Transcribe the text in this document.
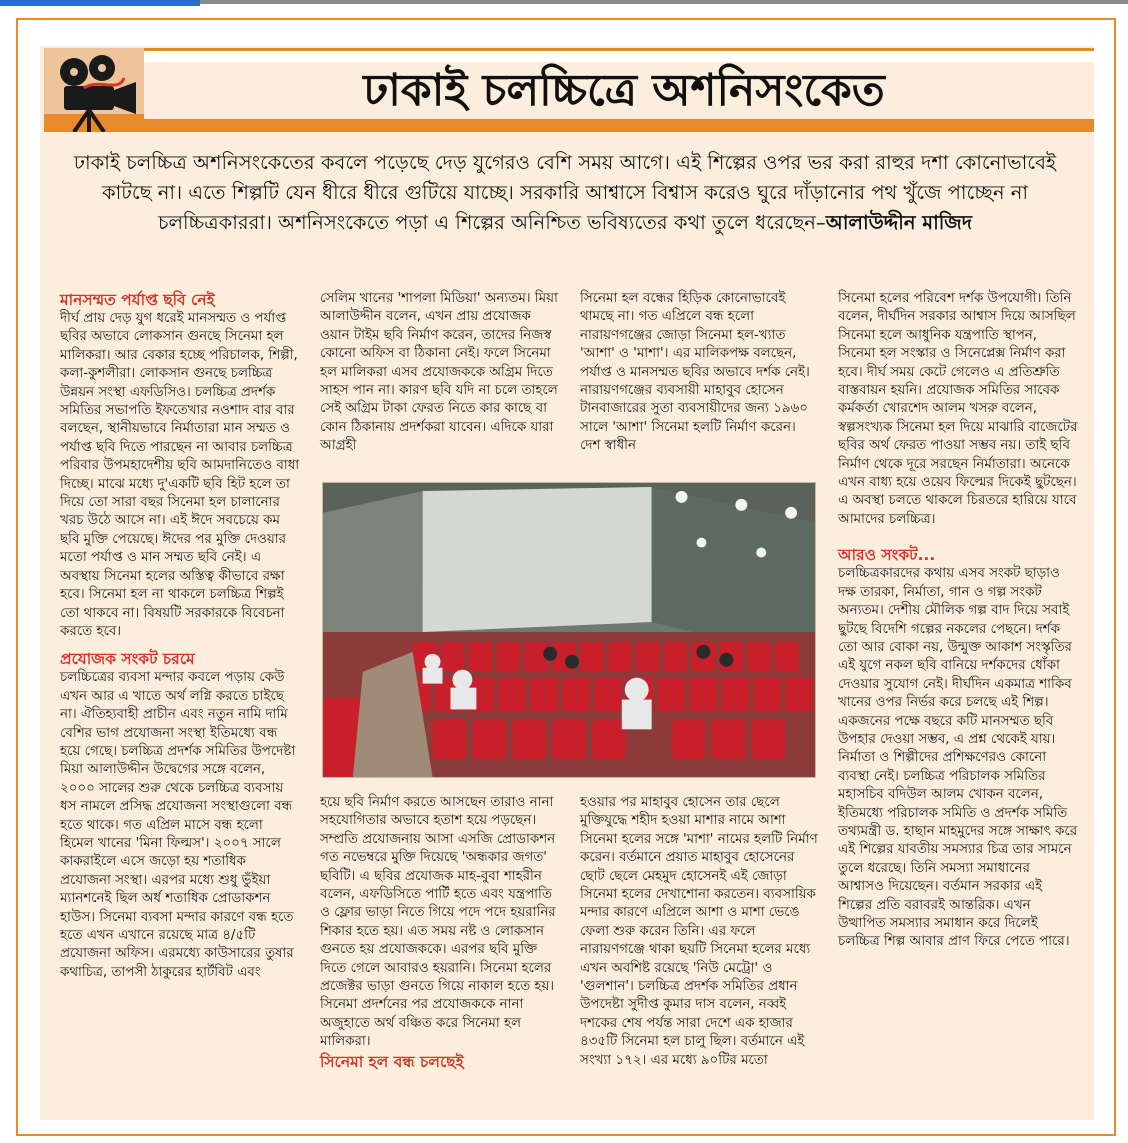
ঢাকাই চলচ্চিত্রে অশনিসংকেত
ঢাকাই চলচ্চিত্র অশনিসংকেতের কবলে পড়েছে দেড় যুগেরও বেশি সময় আগে। এই শিল্পের ওপর ভর করা রাহুর দশা কোনোভাবেই কাটছে না। এতে শিল্পটি যেন ধীরে ধীরে গুটিয়ে যাচ্ছে। সরকারি আশ্বাসে বিশ্বাস করেও ঘুরে দাঁড়ানোর পথ খুঁজে পাচ্ছেন না চলচ্চিত্রকাররা। অশনিসংকেতে পড়া এ শিল্পের অনিশ্চিত ভবিষ্যতের কথা তুলে ধরেছেন–আলাউদ্দীন মাজিদ
মানসম্মত পর্যাপ্ত ছবি নেই

দীর্ঘ প্রায় দেড় যুগ ধরেই মানসম্মত ও পর্যাপ্ত ছবির অভাবে লোকসান গুনছে সিনেমা হল মালিকরা। আর বেকার হচ্ছে পরিচালক, শিল্পী, কলা-কুশলীরা। লোকসান গুনছে চলচ্চিত্র উন্নয়ন সংস্থা এফডিসিও। চলচ্চিত্র প্রদর্শক সমিতির সভাপতি ইফতেখার নওশাদ বার বার বলছেন, স্থানীয়ভাবে নির্মাতারা মান সম্মত ও পর্যাপ্ত ছবি দিতে পারছেন না আবার চলচ্চিত্র পরিবার উপমহাদেশীয় ছবি আমদানিতেও বাধা দিচ্ছে। মাঝে মধ্যে দু'একটি ছবি হিট হলে তা দিয়ে তো সারা বছর সিনেমা হল চালানোর খরচ উঠে আসে না। এই ঈদে সবচেয়ে কম ছবি মুক্তি পেয়েছে। ঈদের পর মুক্তি দেওয়ার মতো পর্যাপ্ত ও মান সম্মত ছবি নেই। এ অবস্থায় সিনেমা হলের অস্তিত্ব কীভাবে রক্ষা হবে। সিনেমা হল না থাকলে চলচ্চিত্র শিল্পই তো থাকবে না। বিষয়টি সরকারকে বিবেচনা করতে হবে।

প্রযোজক সংকট চরমে

চলচ্চিত্রের ব্যবসা মন্দার কবলে পড়ায় কেউ এখন আর এ খাতে অর্থ লগ্নি করতে চাইছে না। ঐতিহ্যবাহী প্রাচীন এবং নতুন নামি দামি বেশির ভাগ প্রযোজনা সংস্থা ইতিমধ্যে বন্ধ হয়ে গেছে। চলচ্চিত্র প্রদর্শক সমিতির উপদেষ্টা মিয়া আলাউদ্দীন উদ্বেগের সঙ্গে বলেন, ২০০০ সালের শুরু থেকে চলচ্চিত্র ব্যবসায় ধস নামলে প্রসিদ্ধ প্রযোজনা সংস্থাগুলো বন্ধ হতে থাকে। গত এপ্রিল মাসে বন্ধ হলো হিমেল খানের 'মিনা ফিল্মস'। ২০০৭ সালে কাকরাইলে এসে জড়ো হয় শতাধিক প্রযোজনা সংস্থা। এরপর মধ্যে শুধু ভুঁইয়া ম্যানশনেই ছিল অর্ধ শতাধিক প্রোডাকশন হাউস। সিনেমা ব্যবসা মন্দার কারণে বন্ধ হতে হতে এখন এখানে রয়েছে মাত্র ৪/৫টি প্রযোজনা অফিস। এরমধ্যে কাউসারের তুষার কথাচিত্র, তাপসী ঠাকুরের হার্টবিট এবং

সেলিম খানের 'শাপলা মিডিয়া' অন্যতম। মিয়া আলাউদ্দীন বলেন, এখন প্রায় প্রযোজক ওয়ান টাইম ছবি নির্মাণ করেন, তাদের নিজস্ব কোনো অফিস বা ঠিকানা নেই। ফলে সিনেমা হল মালিকরা এসব প্রযোজককে অগ্রিম দিতে সাহস পান না। কারণ ছবি যদি না চলে তাহলে সেই অগ্রিম টাকা ফেরত নিতে কার কাছে বা কোন ঠিকানায় প্রদর্শকরা যাবেন। এদিকে যারা আগ্রহী

সিনেমা হল বন্ধের হিড়িক কোনোভাবেই থামছে না। গত এপ্রিলে বন্ধ হলো নারায়ণগঞ্জের জোড়া সিনেমা হল-খ্যাত 'আশা' ও 'মাশা'। এর মালিকপক্ষ বলছেন, পর্যাপ্ত ও মানসম্মত ছবির অভাবে দর্শক নেই। নারায়ণগঞ্জের ব্যবসায়ী মাহাবুব হোসেন টানবাজারের সুতা ব্যবসায়ীদের জন্য ১৯৬০ সালে 'আশা' সিনেমা হলটি নির্মাণ করেন। দেশ স্বাধীন

সিনেমা হলের পরিবেশ দর্শক উপযোগী। তিনি বলেন, দীর্ঘদিন সরকার আশ্বাস দিয়ে আসছিল সিনেমা হলে আধুনিক যন্ত্রপাতি স্থাপন, সিনেমা হল সংস্কার ও সিনেপ্লেক্স নির্মাণ করা হবে। দীর্ঘ সময় কেটে গেলেও এ প্রতিশ্রুতি বাস্তবায়ন হয়নি। প্রযোজক সমিতির সাবেক কর্মকর্তা খোরশেদ আলম খসরু বলেন, স্বল্পসংখ্যক সিনেমা হল দিয়ে মাঝারি বাজেটের ছবির অর্থ ফেরত পাওয়া সম্ভব নয়। তাই ছবি নির্মাণ থেকে দূরে সরছেন নির্মাতারা। অনেকে এখন বাধ্য হয়ে ওয়েব ফিল্মের দিকেই ছুটছেন। এ অবস্থা চলতে থাকলে চিরতরে হারিয়ে যাবে আমাদের চলচ্চিত্র।

আরও সংকট...

চলচ্চিত্রকারদের কথায় এসব সংকট ছাড়াও দক্ষ তারকা, নির্মাতা, গান ও গল্প সংকট অন্যতম। দেশীয় মৌলিক গল্প বাদ দিয়ে সবাই ছুটছে বিদেশি গল্পের নকলের পেছনে। দর্শক তো আর বোকা নয়, উন্মুক্ত আকাশ সংস্কৃতির এই যুগে নকল ছবি বানিয়ে দর্শকদের ধোঁকা দেওয়ার সুযোগ নেই। দীর্ঘদিন একমাত্র শাকিব খানের ওপর নির্ভর করে চলছে এই শিল্প। একজনের পক্ষে বছরে কটি মানসম্মত ছবি উপহার দেওয়া সম্ভব, এ প্রশ্ন থেকেই যায়। নির্মাতা ও শিল্পীদের প্রশিক্ষণেরও কোনো ব্যবস্থা নেই। চলচ্চিত্র পরিচালক সমিতির মহাসচিব বদিউল আলম খোকন বলেন, ইতিমধ্যে পরিচালক সমিতি ও প্রদর্শক সমিতি তথ্যমন্ত্রী ড. হাছান মাহমুদের সঙ্গে সাক্ষাৎ করে এই শিল্পের যাবতীয় সমস্যার চিত্র তার সামনে তুলে ধরেছে। তিনি সমস্যা সমাধানের আশ্বাসও দিয়েছেন। বর্তমান সরকার এই শিল্পের প্রতি বরাবরই আন্তরিক। এখন উত্থাপিত সমস্যার সমাধান করে দিলেই চলচ্চিত্র শিল্প আবার প্রাণ ফিরে পেতে পারে।

হয়ে ছবি নির্মাণ করতে আসছেন তারাও নানা সহযোগিতার অভাবে হতাশ হয়ে পড়ছেন। সম্প্রতি প্রযোজনায় আসা এসজি প্রোডাকশন গত নভেম্বরে মুক্তি দিয়েছে 'অন্ধকার জগত' ছবিটি। এ ছবির প্রযোজক মাহ-বুবা শাহরীন বলেন, এফডিসিতে পার্টি হতে এবং যন্ত্রপাতি ও ফ্লোর ভাড়া নিতে গিয়ে পদে পদে হয়রানির শিকার হতে হয়। এত সময় নষ্ট ও লোকসান গুনতে হয় প্রযোজককে। এরপর ছবি মুক্তি দিতে গেলে আবারও হয়রানি। সিনেমা হলের প্রজেক্টর ভাড়া গুনতে গিয়ে নাকাল হতে হয়। সিনেমা প্রদর্শনের পর প্রযোজককে নানা অজুহাতে অর্থ বঞ্চিত করে সিনেমা হল মালিকরা।

সিনেমা হল বন্ধ চলছেই

হওয়ার পর মাহাবুব হোসেন তার ছেলে মুক্তিযুদ্ধে শহীদ হওয়া মাশার নামে আশা সিনেমা হলের সঙ্গে 'মাশা' নামের হলটি নির্মাণ করেন। বর্তমানে প্রয়াত মাহাবুব হোসেনের ছোট ছেলে মেহমুদ হোসেনই এই জোড়া সিনেমা হলের দেখাশোনা করতেন। ব্যবসায়িক মন্দার কারণে এপ্রিলে আশা ও মাশা ভেঙে ফেলা শুরু করেন তিনি। এর ফলে নারায়ণগঞ্জে থাকা ছয়টি সিনেমা হলের মধ্যে এখন অবশিষ্ট রয়েছে 'নিউ মেট্রো' ও 'গুলশান'। চলচ্চিত্র প্রদর্শক সমিতির প্রধান উপদেষ্টা সুদীপ্ত কুমার দাস বলেন, নব্বই দশকের শেষ পর্যন্ত সারা দেশে এক হাজার ৪৩৫টি সিনেমা হল চালু ছিল। বর্তমানে এই সংখ্যা ১৭২। এর মধ্যে ৯০টির মতো
